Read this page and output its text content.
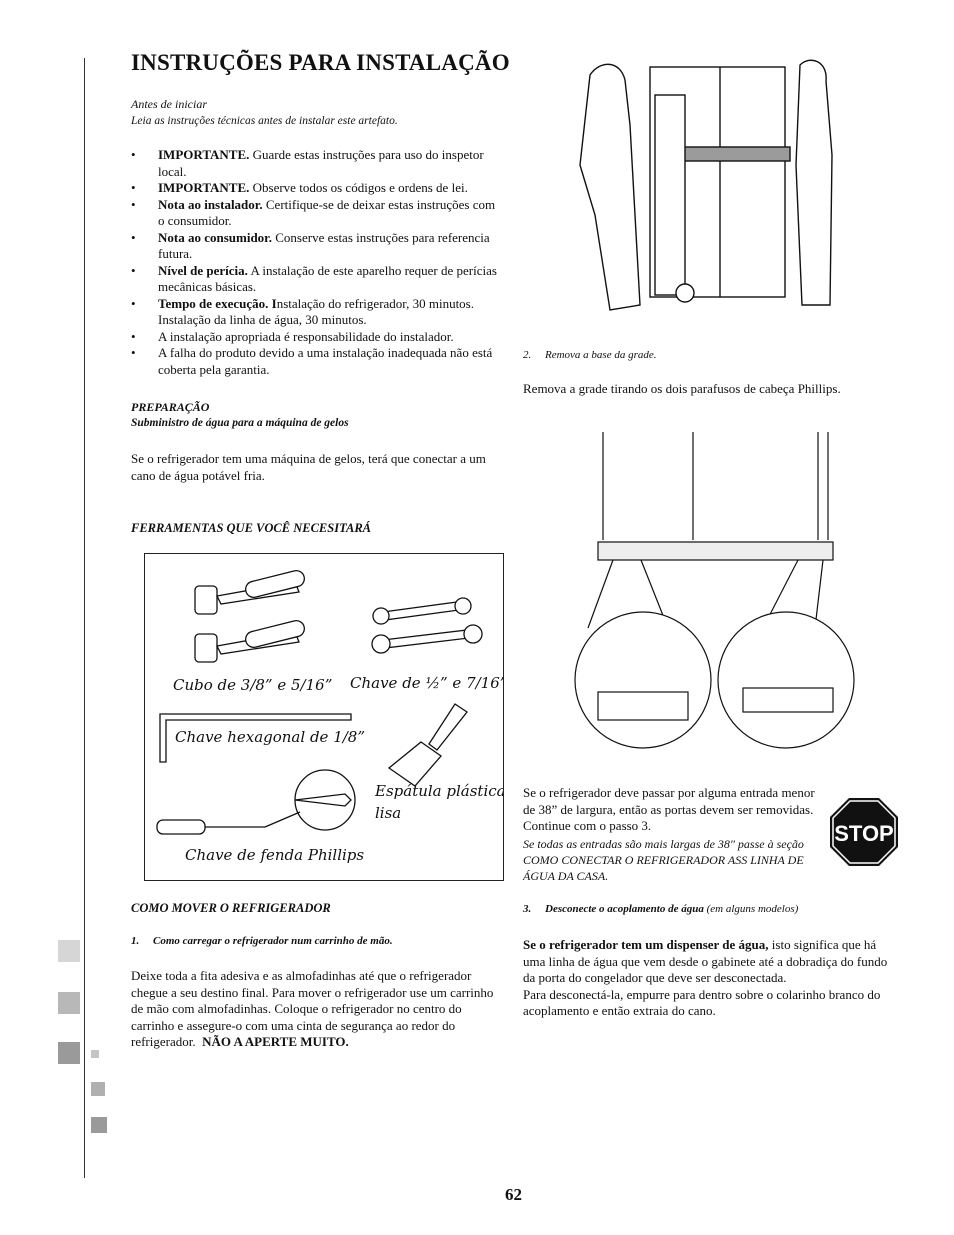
INSTRUÇÕES PARA INSTALAÇÃO
Antes de iniciar
Leia as instruções técnicas antes de instalar este artefato.
• IMPORTANTE. Guarde estas instruções para uso do inspetor local.
• IMPORTANTE. Observe todos os códigos e ordens de lei.
• Nota ao instalador. Certifique-se de deixar estas instruções com o consumidor.
• Nota ao consumidor. Conserve estas instruções para referencia futura.
• Nível de perícia. A instalação de este aparelho requer de perícias mecânicas básicas.
• Tempo de execução. Instalação do refrigerador, 30 minutos. Instalação da linha de água, 30 minutos.
• A instalação apropriada é responsabilidade do instalador.
• A falha do produto devido a uma instalação inadequada não está coberta pela garantia.
PREPARAÇÃO
Subministro de água para a máquina de gelos
Se o refrigerador tem uma máquina de gelos, terá que conectar a um cano de água potável fria.
FERRAMENTAS QUE VOCÊ NECESITARÁ
Cubo de 3/8” e 5/16” Chave de ½” e 7/16”
Chave hexagonal de 1/8”
Espátula plástica
lisa
Chave de fenda Phillips
COMO MOVER O REFRIGERADOR
1.     Como carregar o refrigerador num carrinho de mão.
Deixe toda a fita adesiva e as almofadinhas até que o refrigerador chegue a seu destino final. Para mover o refrigerador use um carrinho de mão com almofadinhas. Coloque o refrigerador no centro do carrinho e assegure-o com uma cinta de segurança ao redor do refrigerador. NÃO A APERTE MUITO.
2.     Remova a base da grade.
Remova a grade tirando os dois parafusos de cabeça Phillips.
Se o refrigerador deve passar por alguma entrada menor de 38” de largura, então as portas devem ser removidas. Continue com o passo 3.
Se todas as entradas são mais largas de 38" passe à seção COMO CONECTAR O REFRIGERADOR ASS LINHA DE ÁGUA DA CASA.
STOP
3.     Desconecte o acoplamento de água (em alguns modelos)
Se o refrigerador tem um dispenser de água, isto significa que há uma linha de água que vem desde o gabinete até a dobradiça do fundo da porta do congelador que deve ser desconectada.
Para desconectá-la, empurre para dentro sobre o colarinho branco do acoplamento e então extraia do cano.
62
